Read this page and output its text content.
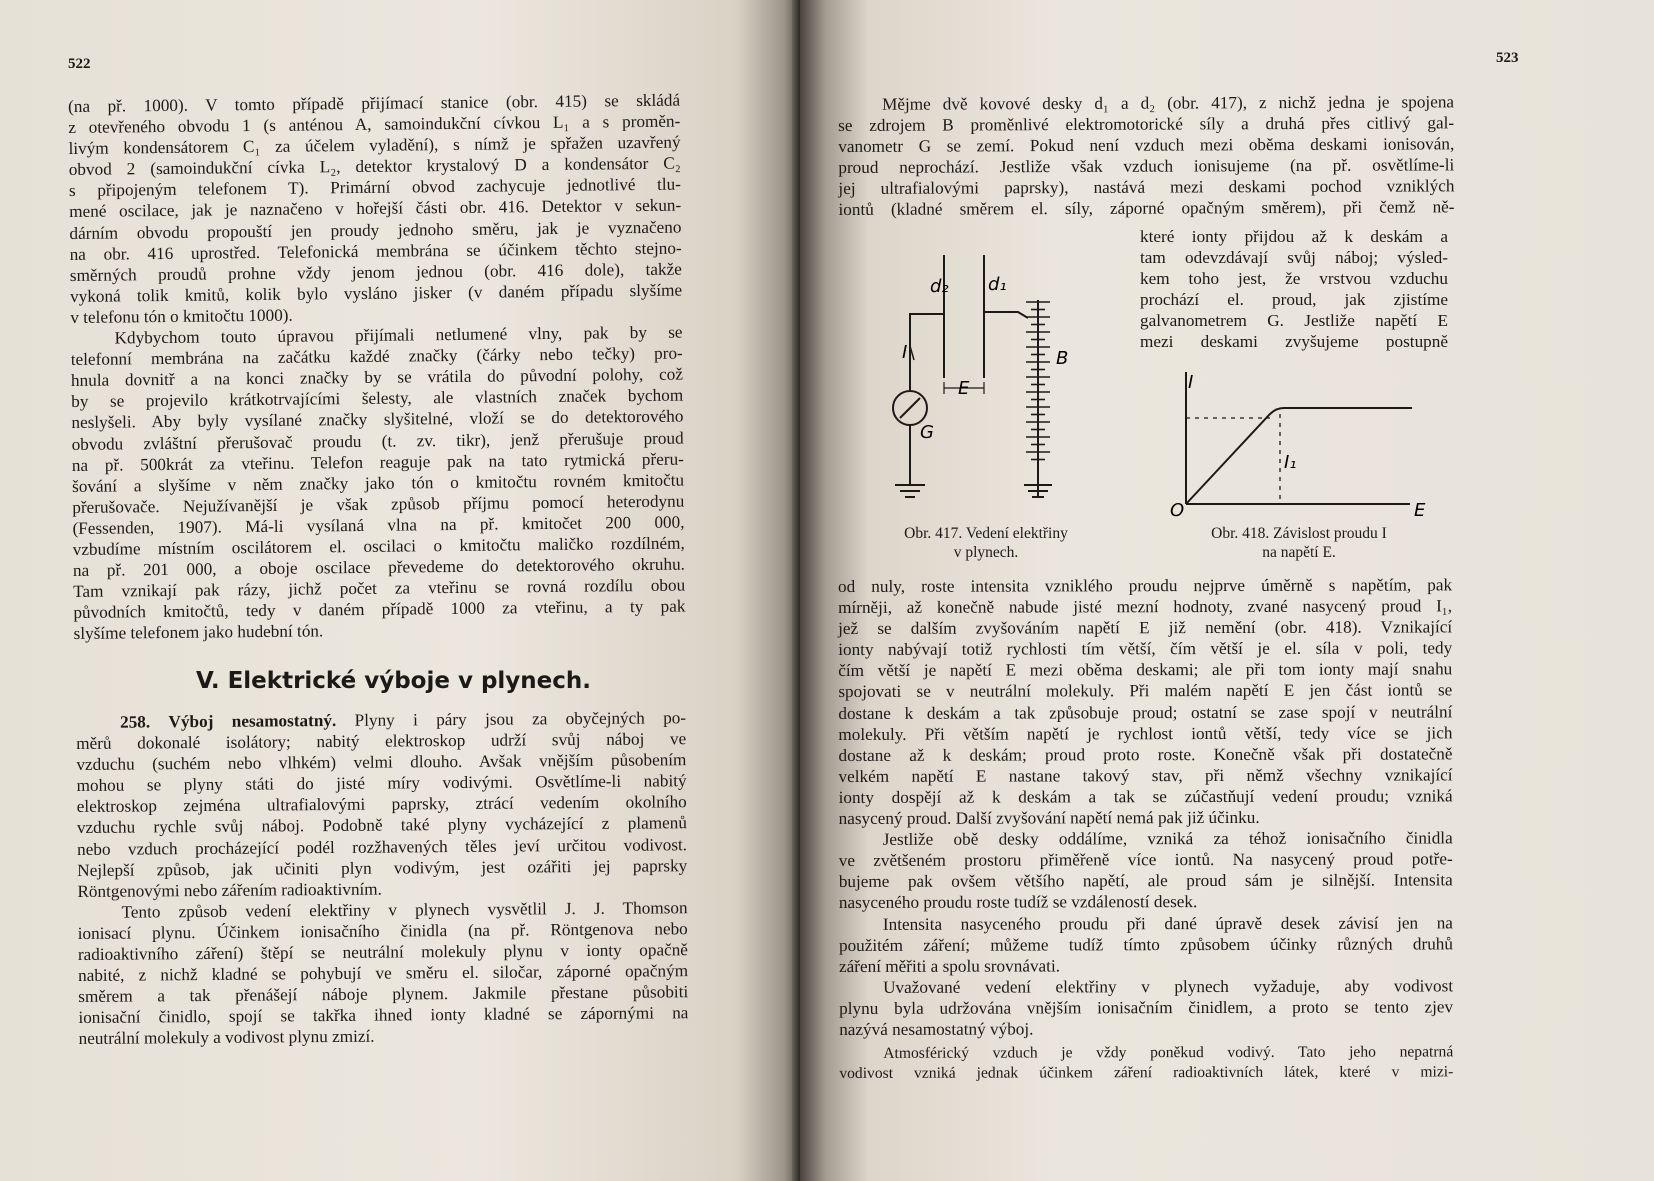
522

(na př. 1000). V tomto případě přijímací stanice (obr. 415) se skládá
z otevřeného obvodu 1 (s anténou A, samoindukční cívkou L₁ a s proměn-
livým kondensátorem C₁ za účelem vyladění), s nímž je spřažen uzavřený
obvod 2 (samoindukční cívka L₂, detektor krystalový D a kondensátor C₂
s připojeným telefonem T). Primární obvod zachycuje jednotlivé tlu-
mené oscilace, jak je naznačeno v hořejší části obr. 416. Detektor v sekun-
dárním obvodu propouští jen proudy jednoho směru, jak je vyznačeno
na obr. 416 uprostřed. Telefonická membrána se účinkem těchto stejno-
směrných proudů prohne vždy jenom jednou (obr. 416 dole), takže
vykoná tolik kmitů, kolik bylo vysláno jisker (v daném případu slyšíme
v telefonu tón o kmitočtu 1000).

Kdybychom touto úpravou přijímali netlumené vlny, pak by se
telefonní membrána na začátku každé značky (čárky nebo tečky) pro-
hnula dovnitř a na konci značky by se vrátila do původní polohy, což
by se projevilo krátkotrvajícími šelesty, ale vlastních značek bychom
neslyšeli. Aby byly vysílané značky slyšitelné, vloží se do detektorového
obvodu zvláštní přerušovač proudu (t. zv. tikr), jenž přerušuje proud
na př. 500krát za vteřinu. Telefon reaguje pak na tato rytmická přeru-
šování a slyšíme v něm značky jako tón o kmitočtu rovném kmitočtu
přerušovače. Nejužívanější je však způsob příjmu pomocí heterodynu
(Fessenden, 1907). Má-li vysílaná vlna na př. kmitočet 200 000,
vzbudíme místním oscilátorem el. oscilaci o kmitočtu maličko rozdílném,
na př. 201 000, a oboje oscilace převedeme do detektorového okruhu.
Tam vznikají pak rázy, jichž počet za vteřinu se rovná rozdílu obou
původních kmitočtů, tedy v daném případě 1000 za vteřinu, a ty pak
slyšíme telefonem jako hudební tón.

V. Elektrické výboje v plynech.

258. Výboj nesamostatný. Plyny i páry jsou za obyčejných po-
měrů dokonalé isolátory; nabitý elektroskop udrží svůj náboj ve
vzduchu (suchém nebo vlhkém) velmi dlouho. Avšak vnějším působením
mohou se plyny státi do jisté míry vodivými. Osvětlíme-li nabitý
elektroskop zejména ultrafialovými paprsky, ztrácí vedením okolního
vzduchu rychle svůj náboj. Podobně také plyny vycházející z plamenů
nebo vzduch procházející podél rozžhavených těles jeví určitou vodivost.
Nejlepší způsob, jak učiniti plyn vodivým, jest ozářiti jej paprsky
Röntgenovými nebo zářením radioaktivním.

Tento způsob vedení elektřiny v plynech vysvětlil J. J. Thomson
ionisací plynu. Účinkem ionisačního činidla (na př. Röntgenova nebo
radioaktivního záření) štěpí se neutrální molekuly plynu v ionty opačně
nabité, z nichž kladné se pohybují ve směru el. siločar, záporné opačným
směrem a tak přenášejí náboje plynem. Jakmile přestane působiti
ionisační činidlo, spojí se takřka ihned ionty kladné se zápornými na
neutrální molekuly a vodivost plynu zmizí.

523
Mějme dvě kovové desky d₁ a d₂ (obr. 417), z nichž jedna je spojena
se zdrojem B proměnlivé elektromotorické síly a druhá přes citlivý gal-
vanometr G se zemí. Pokud není vzduch mezi oběma deskami ionisován,
proud neprochází. Jestliže však vzduch ionisujeme (na př. osvětlíme-li
jej ultrafialovými paprsky), nastává mezi deskami pochod vzniklých
iontů (kladné směrem el. síly, záporné opačným směrem), při čemž ně-
které ionty přijdou až k deskám a
tam odevzdávají svůj náboj; výsled-
kem toho jest, že vrstvou vzduchu
prochází el. proud, jak zjistíme
galvanometrem G. Jestliže napětí E
mezi deskami zvyšujeme postupně
d₂ d₁
I
G
E
B
Obr. 417. Vedení elektřiny
v plynech.
I
I₁
O	E
Obr. 418. Závislost proudu I
na napětí E.

od nuly, roste intensita vzniklého proudu nejprve úměrně s napětím, pak
mírněji, až konečně nabude jisté mezní hodnoty, zvané nasycený proud I₁,
jež se dalším zvyšováním napětí E již nemění (obr. 418). Vznikající
ionty nabývají totiž rychlosti tím větší, čím větší je el. síla v poli, tedy
čím větší je napětí E mezi oběma deskami; ale při tom ionty mají snahu
spojovati se v neutrální molekuly. Při malém napětí E jen část iontů se
dostane k deskám a tak způsobuje proud; ostatní se zase spojí v neutrální
molekuly. Při větším napětí je rychlost iontů větší, tedy více se jich
dostane až k deskám; proud proto roste. Konečně však při dostatečně
velkém napětí E nastane takový stav, při němž všechny vznikající
ionty dospějí až k deskám a tak se zúčastňují vedení proudu; vzniká
nasycený proud. Další zvyšování napětí nemá pak již účinku.

Jestliže obě desky oddálíme, vzniká za téhož ionisačního činidla
ve zvětšeném prostoru přiměřeně více iontů. Na nasycený proud potře-
bujeme pak ovšem většího napětí, ale proud sám je silnější. Intensita
nasyceného proudu roste tudíž se vzdáleností desek.

Intensita nasyceného proudu při dané úpravě desek závisí jen na
použitém záření; můžeme tudíž tímto způsobem účinky různých druhů
záření měřiti a spolu srovnávati.

Uvažované vedení elektřiny v plynech vyžaduje, aby vodivost
plynu byla udržována vnějším ionisačním činidlem, a proto se tento zjev
nazývá nesamostatný výboj.

Atmosférický vzduch je vždy poněkud vodivý. Tato jeho nepatrná
vodivost vzniká jednak účinkem záření radioaktivních látek, které v mizi-
